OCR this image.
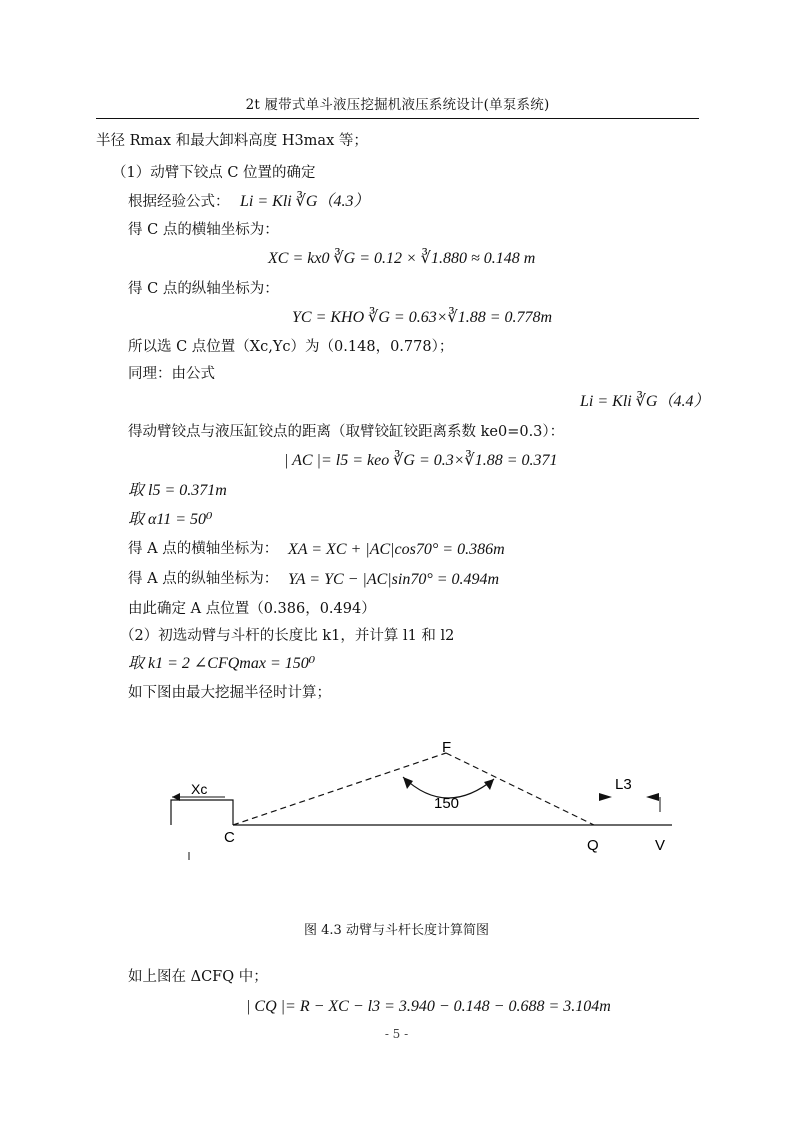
2t 履带式单斗液压挖掘机液压系统设计(单泵系统)
半径 Rmax 和最大卸料高度 H3max 等；
（1）动臂下铰点 C 位置的确定
根据经验公式： Li = Kli ∛G（4.3）
得 C 点的横轴坐标为：
XC = kx0 ∛G = 0.12 × ∛1.880 ≈ 0.148 m
得 C 点的纵轴坐标为：
YC = KHO ∛G = 0.63×∛1.88 = 0.778m
所以选 C 点位置（Xc,Yc）为（0.148，0.778）；
同理：由公式
Li = Kli ∛G（4.4）
得动臂铰点与液压缸铰点的距离（取臂铰缸铰距离系数 ke0=0.3）：
| AC |= l5 = keo ∛G = 0.3×∛1.88 = 0.371
取 l5 = 0.371m
取 α11 = 50⁰
得 A 点的横轴坐标为： XA = XC + |AC|cos70° = 0.386m
得 A 点的纵轴坐标为： YA = YC − |AC|sin70° = 0.494m
由此确定 A 点位置（0.386，0.494）
（2）初选动臂与斗杆的长度比 k1，并计算 l1 和 l2
取 k1 = 2 ∠CFQmax = 150⁰
如下图由最大挖掘半径时计算；
F
C	Q	V
Xc	L3
150
图 4.3 动臂与斗杆长度计算简图
如上图在 ΔCFQ 中；
| CQ |= R − XC − l3 = 3.940 − 0.148 − 0.688 = 3.104m
- 5 -
